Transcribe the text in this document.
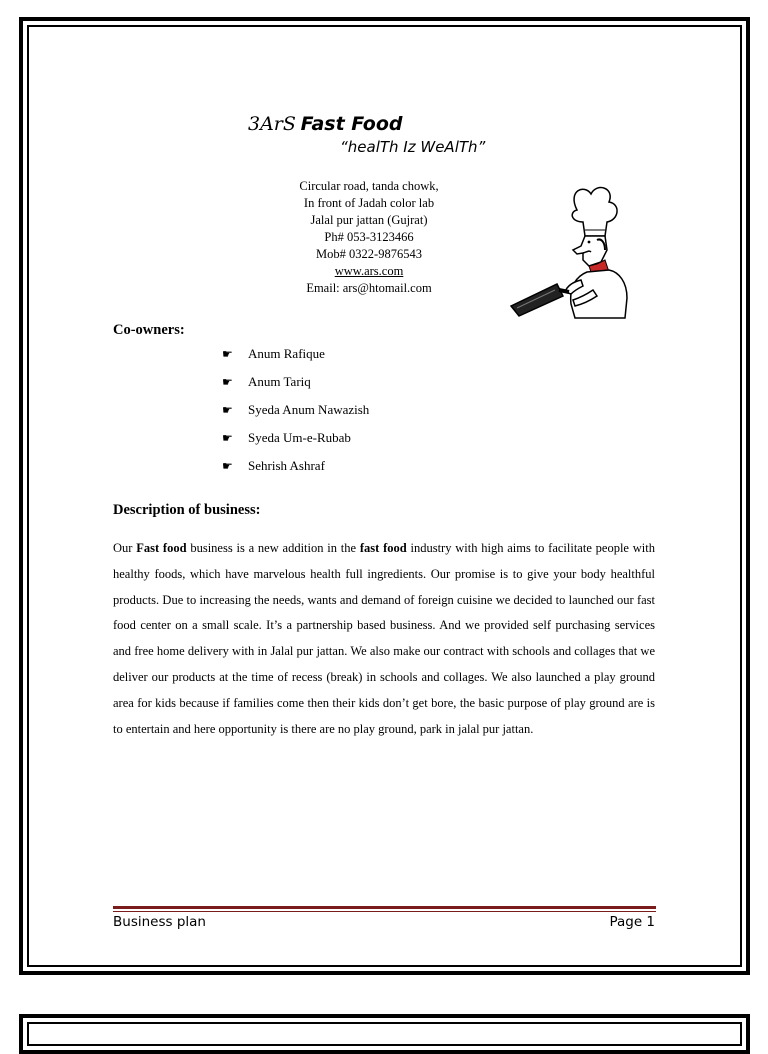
3ArS Fast Food
“healTh Iz WeAlTh”
Circular road, tanda chowk,
In front of Jadah color lab
Jalal pur jattan (Gujrat)
Ph# 053-3123466
Mob# 0322-9876543
www.ars.com
Email: ars@htomail.com
Co-owners:
☛	Anum Rafique
☛	Anum Tariq
☛	Syeda Anum Nawazish
☛	Syeda Um-e-Rubab
☛	Sehrish Ashraf
Description of business:

Our Fast food business is a new addition in the fast food industry with high aims to facilitate people with healthy foods, which have marvelous health full ingredients. Our promise is to give your body healthful products. Due to increasing the needs, wants and demand of foreign cuisine we decided to launched our fast food center on a small scale. It’s a partnership based business. And we provided self purchasing services and free home delivery with in Jalal pur jattan. We also make our contract with schools and collages that we deliver our products at the time of recess (break) in schools and collages. We also launched a play ground area for kids because if families come then their kids don’t get bore, the basic purpose of play ground are is to entertain and here opportunity is there are no play ground, park in jalal pur jattan.

Business plan	Page 1
